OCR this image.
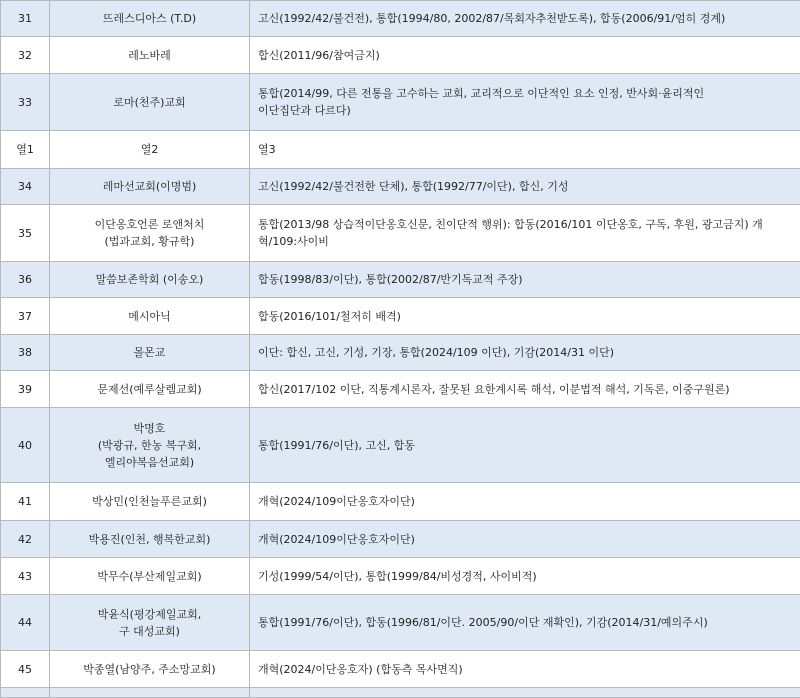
31	뜨레스디아스 (T.D)	고신(1992/42/불건전), 통합(1994/80, 2002/87/목회자추천받도록), 합동(2006/91/엄히 경계)

32	레노바레	합신(2011/96/참여금지)

33	로마(천주)교회	통합(2014/99, 다른 전통을 고수하는 교회, 교리적으로 이단적인 요소 인정, 반사회·윤리적인
이단집단과 다르다)

열1	열2	열3
34	레마선교회(이명범)	고신(1992/42/불건전한 단체), 통합(1992/77/이단), 합신, 기성

35	이단옹호언론 로앤처치
(법과교회, 황규학)	통합(2013/98 상습적이단옹호신문, 친이단적 행위): 합동(2016/101 이단옹호, 구독, 후원, 광고금지) 개
혁/109:사이비

36	말씀보존학회 (이송오)	합동(1998/83/이단), 통합(2002/87/반기독교적 주장)

37	메시아닉	합동(2016/101/철저히 배격)

38	몰몬교	이단: 합신, 고신, 기성, 기장, 통합(2024/109 이단), 기감(2014/31 이단)

39	문제선(예루살렘교회)	합신(2017/102 이단, 직통계시론자, 잘못된 요한계시록 해석, 이분법적 해석, 기독론, 이중구원론)

40	박명호
(박광규, 한농 복구회,
엘리야복음선교회)	통합(1991/76/이단), 고신, 합동

41	박상민(인천늘푸른교회)	개혁(2024/109이단옹호자이단)

42	박용진(인천, 행복한교회)	개혁(2024/109이단옹호자이단)

43	박무수(부산제일교회)	기성(1999/54/이단), 통합(1999/84/비성경적, 사이비적)

44	박윤식(평강제일교회,
구 대성교회)	통합(1991/76/이단), 합동(1996/81/이단. 2005/90/이단 재확인), 기감(2014/31/예의주시)

45	박종열(남양주, 주소망교회)	개혁(2024/이단옹호자) (합동측 목사면직)
